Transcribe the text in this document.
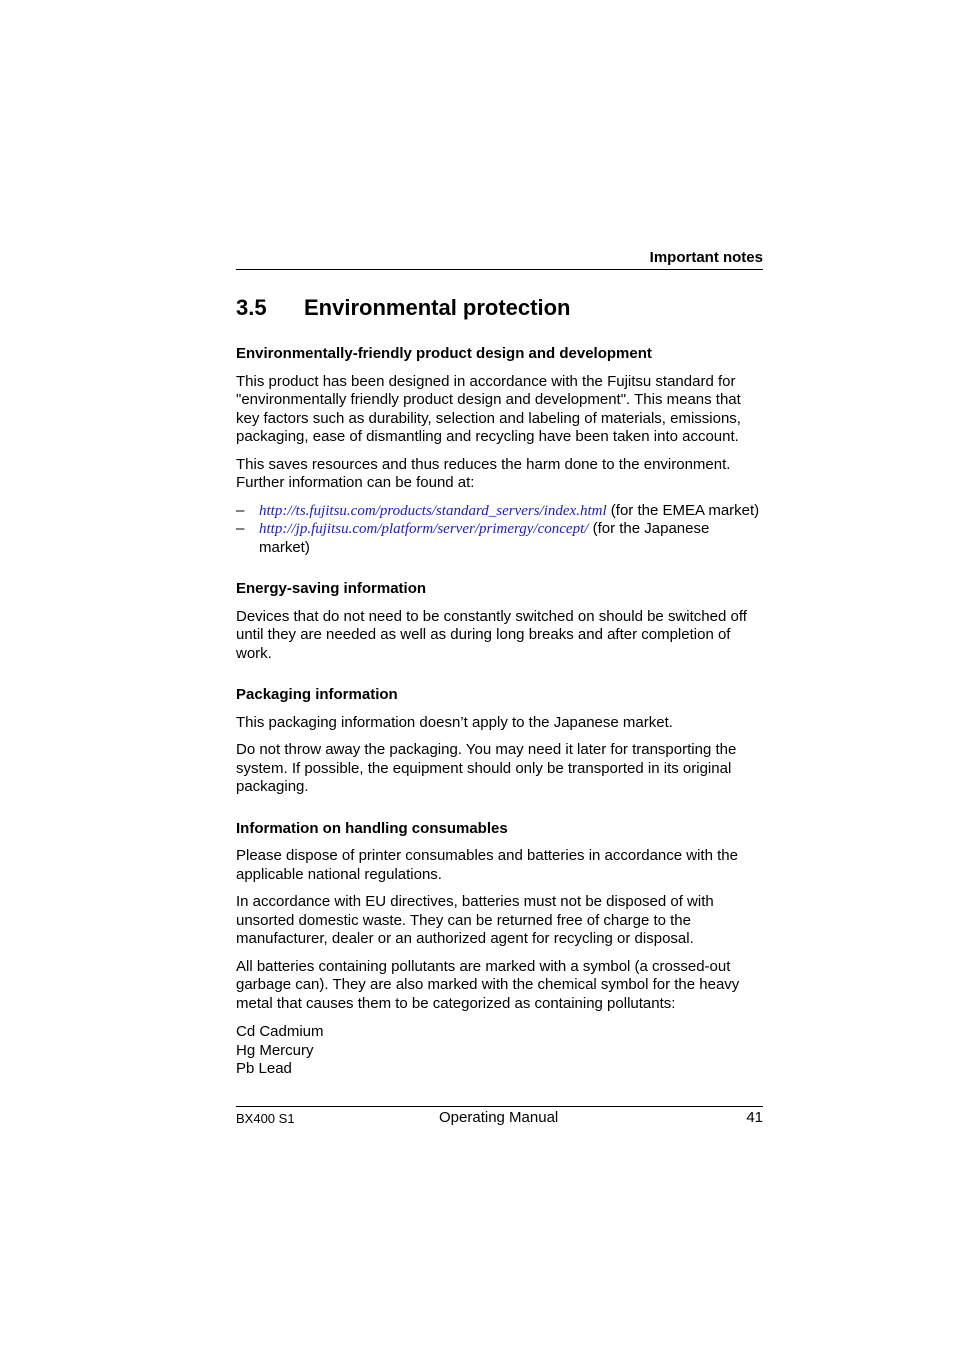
Important notes
3.5 Environmental protection
Environmentally-friendly product design and development

This product has been designed in accordance with the Fujitsu standard for "environmentally friendly product design and development". This means that key factors such as durability, selection and labeling of materials, emissions, packaging, ease of dismantling and recycling have been taken into account.

This saves resources and thus reduces the harm done to the environment. Further information can be found at:

– http://ts.fujitsu.com/products/standard_servers/index.html (for the EMEA market)
– http://jp.fujitsu.com/platform/server/primergy/concept/ (for the Japanese market)
Energy-saving information

Devices that do not need to be constantly switched on should be switched off until they are needed as well as during long breaks and after completion of work.

Packaging information

This packaging information doesn’t apply to the Japanese market.

Do not throw away the packaging. You may need it later for transporting the system. If possible, the equipment should only be transported in its original packaging.

Information on handling consumables

Please dispose of printer consumables and batteries in accordance with the applicable national regulations.

In accordance with EU directives, batteries must not be disposed of with unsorted domestic waste. They can be returned free of charge to the manufacturer, dealer or an authorized agent for recycling or disposal.

All batteries containing pollutants are marked with a symbol (a crossed-out garbage can). They are also marked with the chemical symbol for the heavy metal that causes them to be categorized as containing pollutants:

Cd Cadmium
Hg Mercury
Pb Lead
BX400 S1	Operating Manual	41
